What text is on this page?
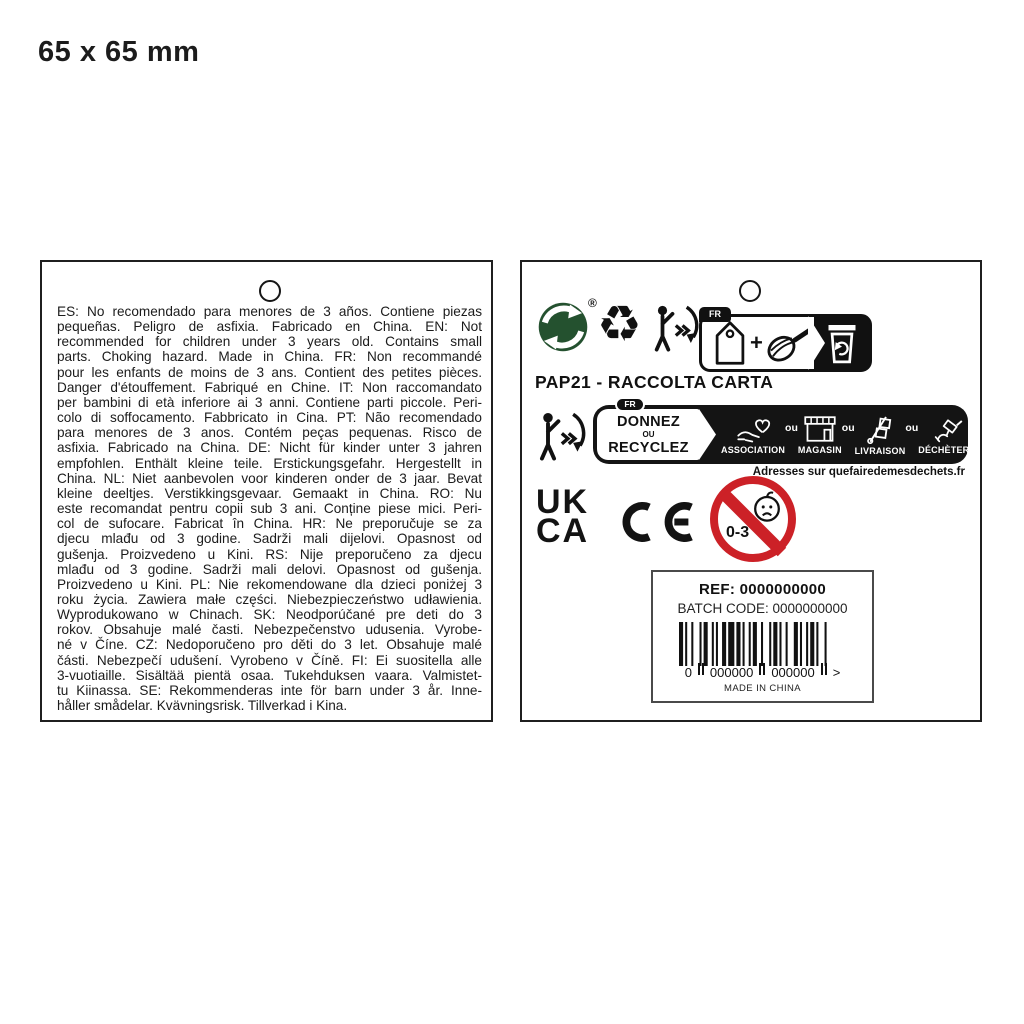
65 x 65 mm
ES: No recomendado para menores de 3 años. Contiene piezas
pequeñas. Peligro de asfixia. Fabricado en China. EN: Not
recommended for children under 3 years old. Contains small
parts. Choking hazard. Made in China. FR: Non recommandé
pour les enfants de moins de 3 ans. Contient des petites pièces.
Danger d'étouffement. Fabriqué en Chine. IT: Non raccomandato
per bambini di età inferiore ai 3 anni. Contiene parti piccole. Peri-
colo di soffocamento. Fabbricato in Cina. PT: Não recomendado
para menores de 3 anos. Contém peças pequenas. Risco de
asfixia. Fabricado na China. DE: Nicht für kinder unter 3 jahren
empfohlen. Enthält kleine teile. Erstickungsgefahr. Hergestellt in
China. NL: Niet aanbevolen voor kinderen onder de 3 jaar. Bevat
kleine deeltjes. Verstikkingsgevaar. Gemaakt in China. RO: Nu
este recomandat pentru copii sub 3 ani. Conține piese mici. Peri-
col de sufocare. Fabricat în China. HR: Ne preporučuje se za
djecu mlađu od 3 godine. Sadrži mali dijelovi. Opasnost od
gušenja. Proizvedeno u Kini. RS: Nije preporučeno za djecu
mlađu od 3 godine. Sadrži mali delovi. Opasnost od gušenja.
Proizvedeno u Kini. PL: Nie rekomendowane dla dzieci poniżej 3
roku życia. Zawiera małe części. Niebezpieczeństwo udławienia.
Wyprodukowano w Chinach. SK: Neodporúčané pre deti do 3
rokov. Obsahuje malé časti. Nebezpečenstvo udusenia. Vyrobe-
né v Číne. CZ: Nedoporučeno pro děti do 3 let. Obsahuje malé
části. Nebezpečí udušení. Vyrobeno v Číně. FI: Ei suositella alle
3-vuotiaille. Sisältää pientä osaa. Tukehduksen vaara. Valmistet-
tu Kiinassa. SE: Rekommenderas inte för barn under 3 år. Inne-
håller smådelar. Kvävningsrisk. Tillverkad i Kina.
® ♻	FR
+
PAP21 - RACCOLTA CARTA
DONNEZ
OU
RECYCLEZ
FR
ASSOCIATION
ou
MAGASIN
ou
LIVRAISON
ou
DÉCHÈTERIE
Adresses sur quefairedemesdechets.fr
UK
CA	0-3
REF: 0000000000
BATCH CODE: 0000000000
0 000000 000000 >
MADE IN CHINA
